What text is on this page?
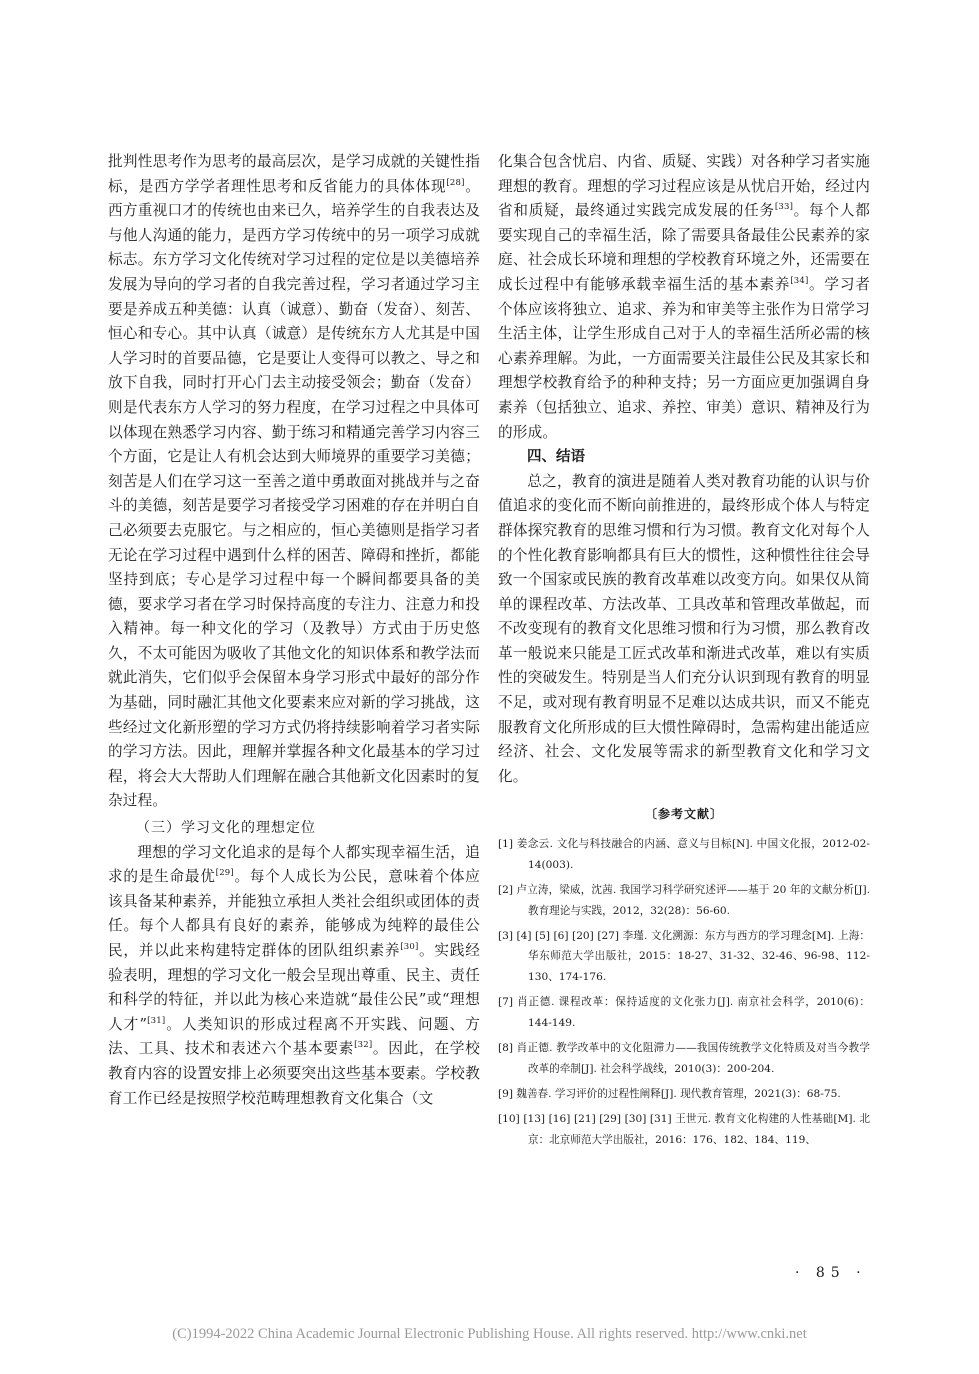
批判性思考作为思考的最高层次，是学习成就的关键性指标，是西方学学者理性思考和反省能力的具体体现[28]。西方重视口才的传统也由来已久，培养学生的自我表达及与他人沟通的能力，是西方学习传统中的另一项学习成就标志。东方学习文化传统对学习过程的定位是以美德培养发展为导向的学习者的自我完善过程，学习者通过学习主要是养成五种美德：认真（诚意）、勤奋（发奋）、刻苦、恒心和专心。其中认真（诚意）是传统东方人尤其是中国人学习时的首要品德，它是要让人变得可以教之、导之和放下自我，同时打开心门去主动接受领会；勤奋（发奋）则是代表东方人学习的努力程度，在学习过程之中具体可以体现在熟悉学习内容、勤于练习和精通完善学习内容三个方面，它是让人有机会达到大师境界的重要学习美德；刻苦是人们在学习这一至善之道中勇敢面对挑战并与之奋斗的美德，刻苦是要学习者接受学习困难的存在并明白自己必须要去克服它。与之相应的，恒心美德则是指学习者无论在学习过程中遇到什么样的困苦、障碍和挫折，都能坚持到底；专心是学习过程中每一个瞬间都要具备的美德，要求学习者在学习时保持高度的专注力、注意力和投入精神。每一种文化的学习（及教导）方式由于历史悠久，不太可能因为吸收了其他文化的知识体系和教学法而就此消失，它们似乎会保留本身学习形式中最好的部分作为基础，同时融汇其他文化要素来应对新的学习挑战，这些经过文化新形塑的学习方式仍将持续影响着学习者实际的学习方法。因此，理解并掌握各种文化最基本的学习过程，将会大大帮助人们理解在融合其他新文化因素时的复杂过程。

（三）学习文化的理想定位

理想的学习文化追求的是每个人都实现幸福生活，追求的是生命最优[29]。每个人成长为公民，意味着个体应该具备某种素养，并能独立承担人类社会组织或团体的责任。每个人都具有良好的素养，能够成为纯粹的最佳公民，并以此来构建特定群体的团队组织素养[30]。实践经验表明，理想的学习文化一般会呈现出尊重、民主、责任和科学的特征，并以此为核心来造就“最佳公民”或“理想人才”[31]。人类知识的形成过程离不开实践、问题、方法、工具、技术和表述六个基本要素[32]。因此，在学校教育内容的设置安排上必须要突出这些基本要素。学校教育工作已经是按照学校范畴理想教育文化集合（文

化集合包含忧启、内省、质疑、实践）对各种学习者实施理想的教育。理想的学习过程应该是从忧启开始，经过内省和质疑，最终通过实践完成发展的任务[33]。每个人都要实现自己的幸福生活，除了需要具备最佳公民素养的家庭、社会成长环境和理想的学校教育环境之外，还需要在成长过程中有能够承载幸福生活的基本素养[34]。学习者个体应该将独立、追求、养为和审美等主张作为日常学习生活主体，让学生形成自己对于人的幸福生活所必需的核心素养理解。为此，一方面需要关注最佳公民及其家长和理想学校教育给予的种种支持；另一方面应更加强调自身素养（包括独立、追求、养控、审美）意识、精神及行为的形成。

四、结语

总之，教育的演进是随着人类对教育功能的认识与价值追求的变化而不断向前推进的，最终形成个体人与特定群体探究教育的思维习惯和行为习惯。教育文化对每个人的个性化教育影响都具有巨大的惯性，这种惯性往往会导致一个国家或民族的教育改革难以改变方向。如果仅从简单的课程改革、方法改革、工具改革和管理改革做起，而不改变现有的教育文化思维习惯和行为习惯，那么教育改革一般说来只能是工匠式改革和渐进式改革，难以有实质性的突破发生。特别是当人们充分认识到现有教育的明显不足，或对现有教育明显不足难以达成共识，而又不能克服教育文化所形成的巨大惯性障碍时，急需构建出能适应经济、社会、文化发展等需求的新型教育文化和学习文化。

〔参考文献〕
[1] 姜念云. 文化与科技融合的内涵、意义与目标[N]. 中国文化报，2012-02-14(003).
[2] 卢立涛，梁威，沈茜. 我国学习科学研究述评——基于 20 年的文献分析[J]. 教育理论与实践，2012，32(28)：56-60.
[3] [4] [5] [6] [20] [27] 李瑾. 文化溯源：东方与西方的学习理念[M]. 上海：华东师范大学出版社，2015：18-27、31-32、32-46、96-98、112-130、174-176.
[7] 肖正德. 课程改革：保持适度的文化张力[J]. 南京社会科学，2010(6)：144-149.
[8] 肖正德. 教学改革中的文化阻滞力——我国传统教学文化特质及对当今教学改革的牵制[J]. 社会科学战线，2010(3)：200-204.
[9] 魏善春. 学习评价的过程性阐释[J]. 现代教育管理，2021(3)：68-75.
[10] [13] [16] [21] [29] [30] [31] 王世元. 教育文化构建的人性基础[M]. 北京：北京师范大学出版社，2016：176、182、184、119、
· 85 ·
(C)1994-2022 China Academic Journal Electronic Publishing House. All rights reserved. http://www.cnki.net
